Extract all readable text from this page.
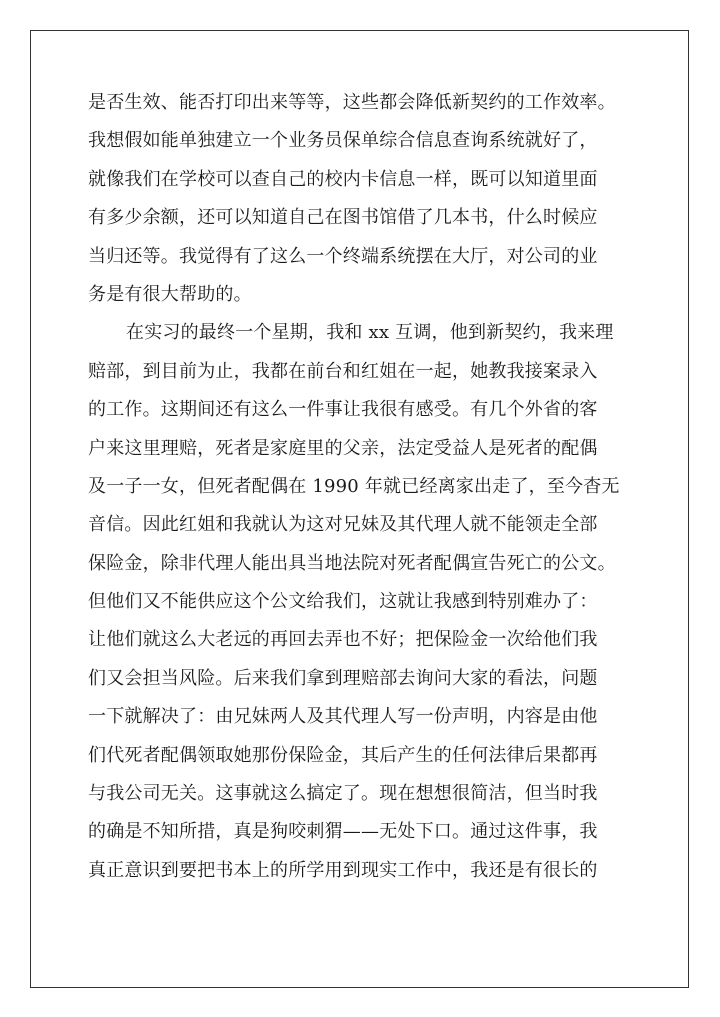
是否生效、能否打印出来等等，这些都会降低新契约的工作效率。
我想假如能单独建立一个业务员保单综合信息查询系统就好了，
就像我们在学校可以查自己的校内卡信息一样，既可以知道里面
有多少余额，还可以知道自己在图书馆借了几本书，什么时候应
当归还等。我觉得有了这么一个终端系统摆在大厅，对公司的业
务是有很大帮助的。
在实习的最终一个星期，我和 xx 互调，他到新契约，我来理
赔部，到目前为止，我都在前台和红姐在一起，她教我接案录入
的工作。这期间还有这么一件事让我很有感受。有几个外省的客
户来这里理赔，死者是家庭里的父亲，法定受益人是死者的配偶
及一子一女，但死者配偶在 1990 年就已经离家出走了，至今杳无
音信。因此红姐和我就认为这对兄妹及其代理人就不能领走全部
保险金，除非代理人能出具当地法院对死者配偶宣告死亡的公文。
但他们又不能供应这个公文给我们，这就让我感到特别难办了：
让他们就这么大老远的再回去弄也不好；把保险金一次给他们我
们又会担当风险。后来我们拿到理赔部去询问大家的看法，问题
一下就解决了：由兄妹两人及其代理人写一份声明，内容是由他
们代死者配偶领取她那份保险金，其后产生的任何法律后果都再
与我公司无关。这事就这么搞定了。现在想想很简洁，但当时我
的确是不知所措，真是狗咬刺猬——无处下口。通过这件事，我
真正意识到要把书本上的所学用到现实工作中，我还是有很长的
